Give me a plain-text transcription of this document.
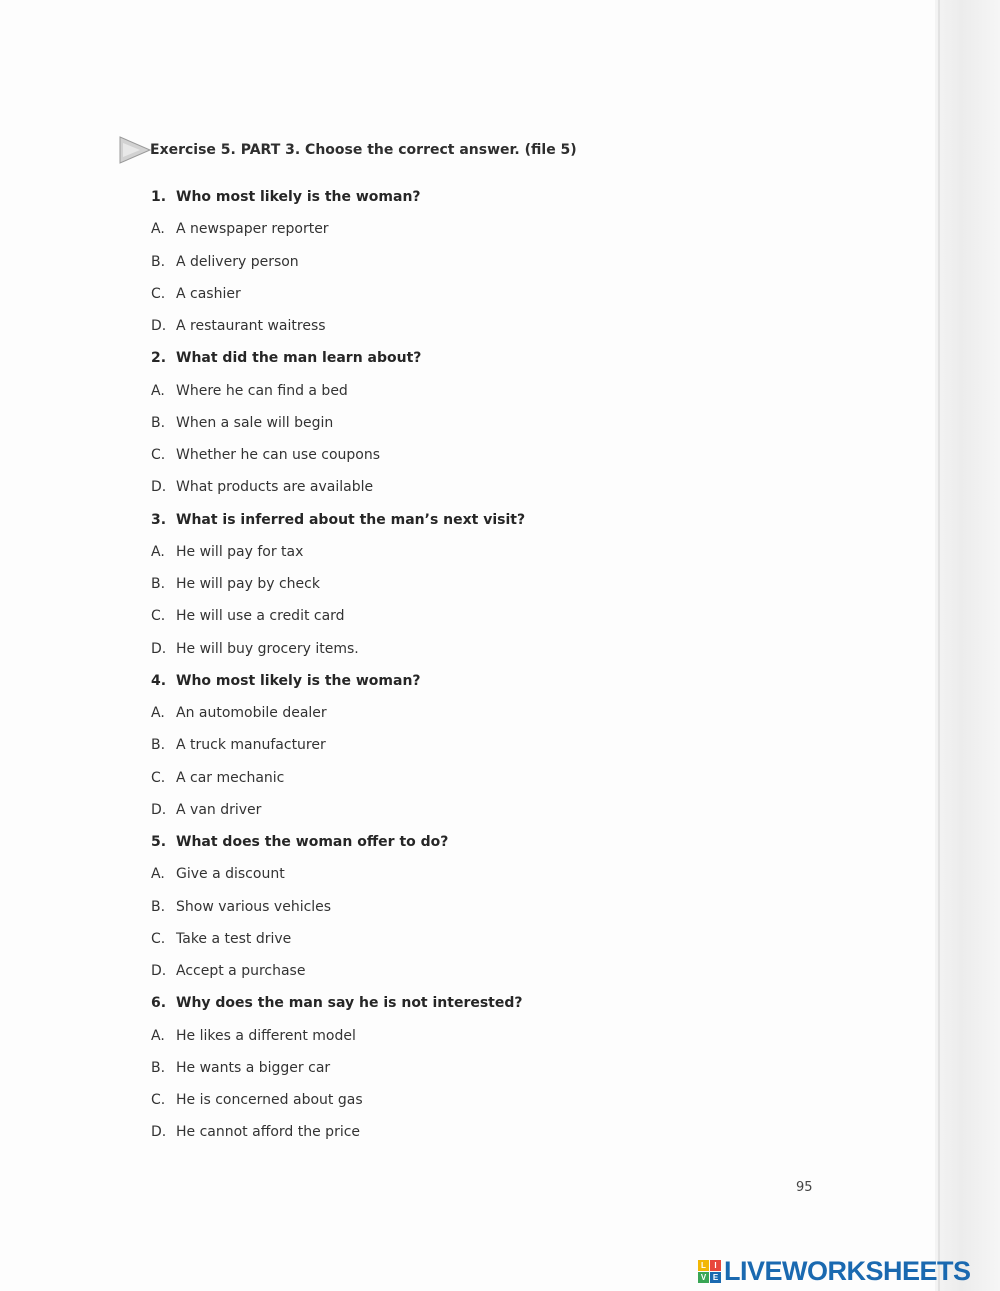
Exercise 5. PART 3. Choose the correct answer. (file 5)
1. Who most likely is the woman?
A. A newspaper reporter
B. A delivery person
C. A cashier
D. A restaurant waitress
2. What did the man learn about?
A. Where he can find a bed
B. When a sale will begin
C. Whether he can use coupons
D. What products are available
3. What is inferred about the man’s next visit?
A. He will pay for tax
B. He will pay by check
C. He will use a credit card
D. He will buy grocery items.
4. Who most likely is the woman?
A. An automobile dealer
B. A truck manufacturer
C. A car mechanic
D. A van driver
5. What does the woman offer to do?
A. Give a discount
B. Show various vehicles
C. Take a test drive
D. Accept a purchase
6. Why does the man say he is not interested?
A. He likes a different model
B. He wants a bigger car
C. He is concerned about gas
D. He cannot afford the price
95
L	I
V E LIVEWORKSHEETS
